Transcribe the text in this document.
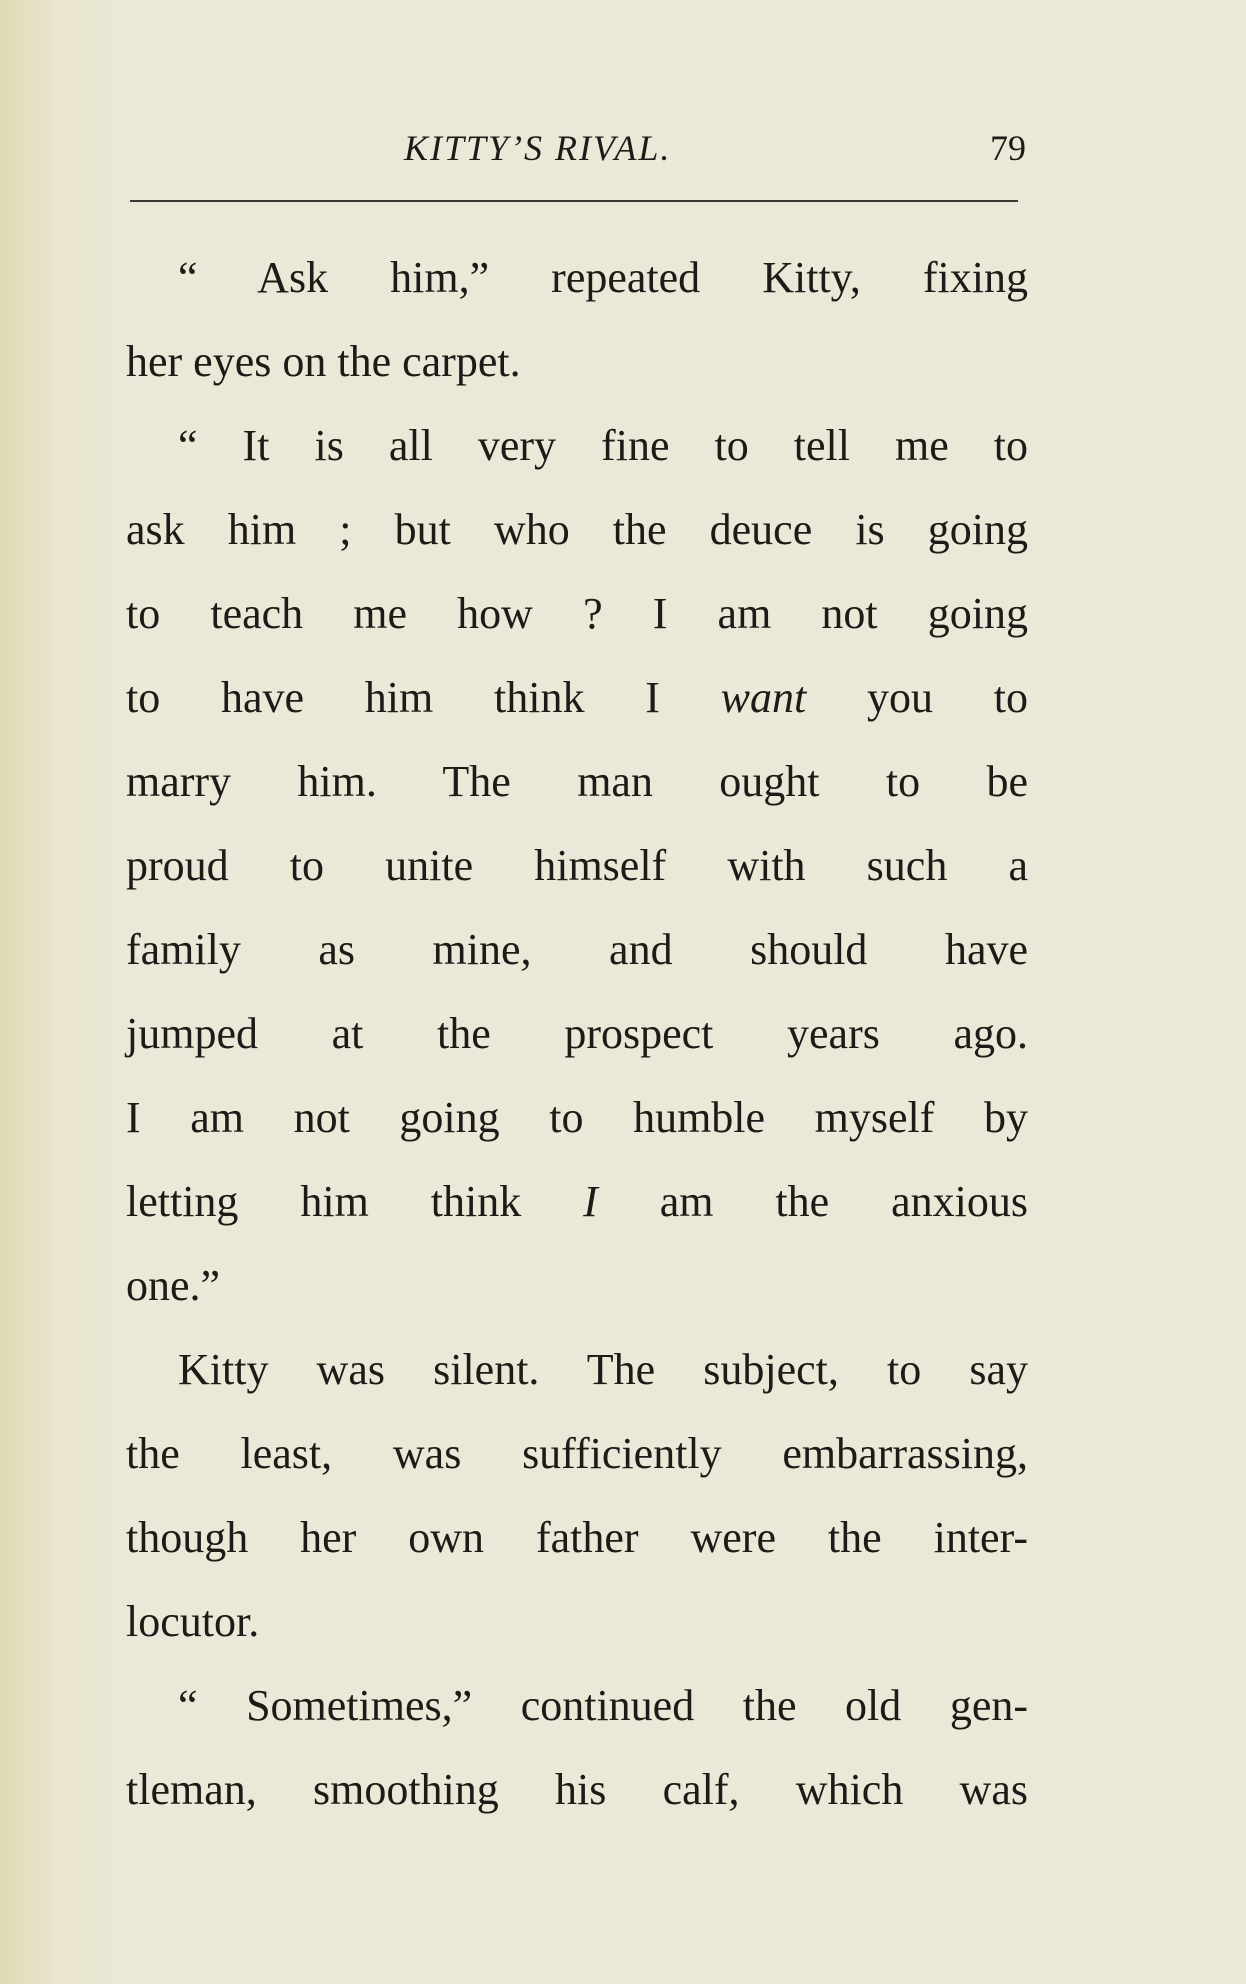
KITTY’S RIVAL.	79
“ Ask him,” repeated Kitty, fixing
her eyes on the carpet.
“ It is all very fine to tell me to
ask him ; but who the deuce is going
to teach me how ? I am not going
to have him think I want you to
marry him. The man ought to be
proud to unite himself with such a
family as mine, and should have
jumped at the prospect years ago.
I am not going to humble myself by
letting him think I am the anxious
one.”
Kitty was silent. The subject, to say
the least, was sufficiently embarrassing,
though her own father were the inter-
locutor.
“ Sometimes,” continued the old gen-
tleman, smoothing his calf, which was
